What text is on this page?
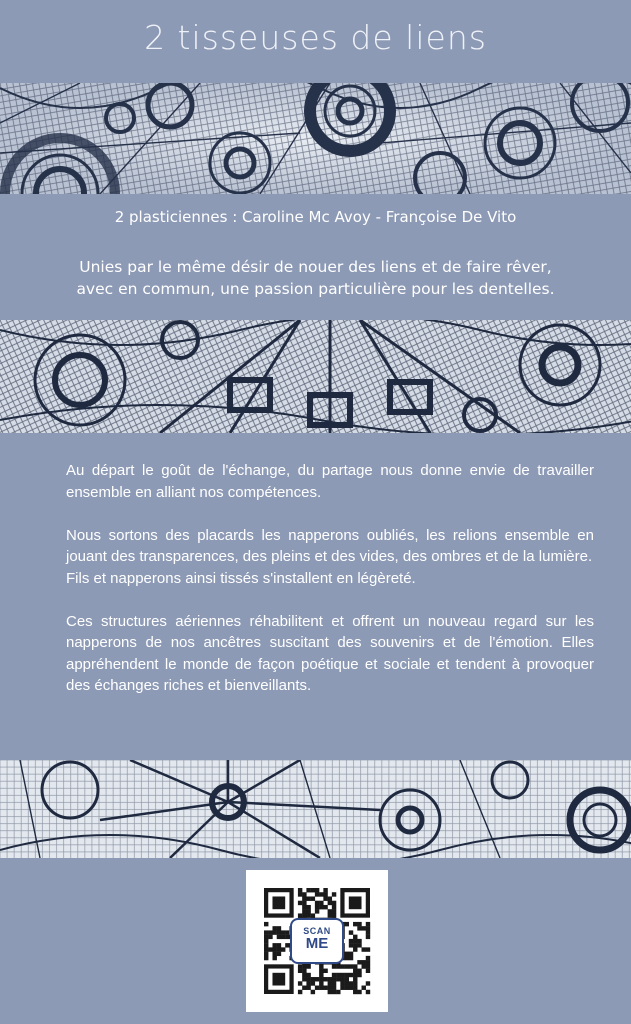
2 tisseuses de liens
2 plasticiennes : Caroline Mc Avoy - Françoise De Vito
Unies par le même désir de nouer des liens et de faire rêver,
avec en commun, une passion particulière pour les dentelles.

Au départ le goût de l'échange, du partage nous donne envie de travailler ensemble en alliant nos compétences.

Nous sortons des placards les napperons oubliés, les relions ensemble en jouant des transparences, des pleins et des vides, des ombres et de la lumière.

Fils et napperons ainsi tissés s'installent en légèreté.

Ces structures aériennes réhabilitent et offrent un nouveau regard sur les napperons de nos ancêtres suscitant des souvenirs et de l'émotion. Elles appréhendent le monde de façon poétique et sociale et tendent à provoquer des échanges riches et bienveillants.

SCAN
ME
